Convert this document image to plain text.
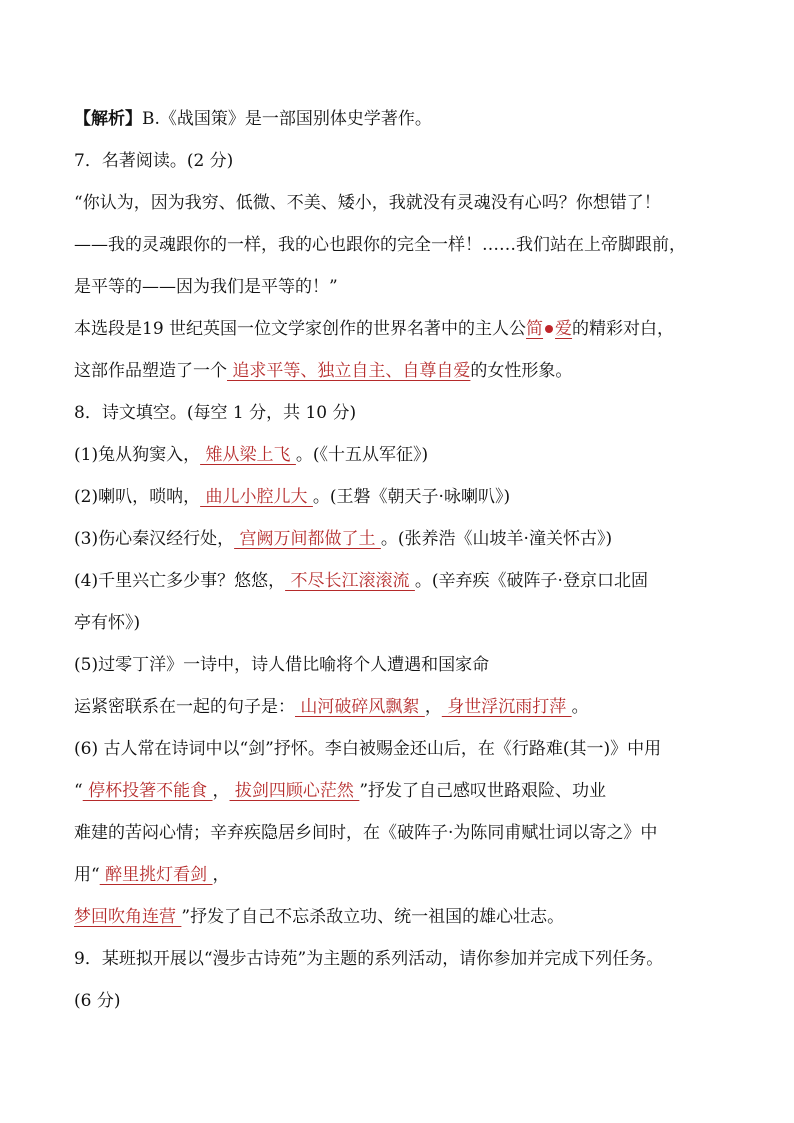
【解析】B.《战国策》是一部国别体史学著作。
7．名著阅读。(2 分)
“你认为，因为我穷、低微、不美、矮小，我就没有灵魂没有心吗？你想错了！
——我的灵魂跟你的一样，我的心也跟你的完全一样！……我们站在上帝脚跟前，
是平等的——因为我们是平等的！”
本选段是19 世纪英国一位文学家创作的世界名著中的主人公简 爱的精彩对白，
这部作品塑造了一个 追求平等、独立自主、自尊自爱的女性形象。
8．诗文填空。(每空 1 分，共 10 分)
(1)兔从狗窦入， 雉从梁上飞 。(《十五从军征》)
(2)喇叭，唢呐， 曲儿小腔儿大 。(王磐《朝天子·咏喇叭》)
(3)伤心秦汉经行处， 宫阙万间都做了土 。(张养浩《山坡羊·潼关怀古》)
(4)千里兴亡多少事？悠悠， 不尽长江滚滚流 。(辛弃疾《破阵子·登京口北固
亭有怀》)
(5)过零丁洋》一诗中，诗人借比喻将个人遭遇和国家命
运紧密联系在一起的句子是： 山河破碎风飘絮 ， 身世浮沉雨打萍 。
(6) 古人常在诗词中以“剑”抒怀。李白被赐金还山后，在《行路难(其一)》中用
“ 停杯投箸不能食 ， 拔剑四顾心茫然 ”抒发了自己感叹世路艰险、功业
难建的苦闷心情；辛弃疾隐居乡间时，在《破阵子·为陈同甫赋壮词以寄之》中
用“ 醉里挑灯看剑 ，
梦回吹角连营 ”抒发了自己不忘杀敌立功、统一祖国的雄心壮志。
9．某班拟开展以“漫步古诗苑”为主题的系列活动，请你参加并完成下列任务。
(6 分)
